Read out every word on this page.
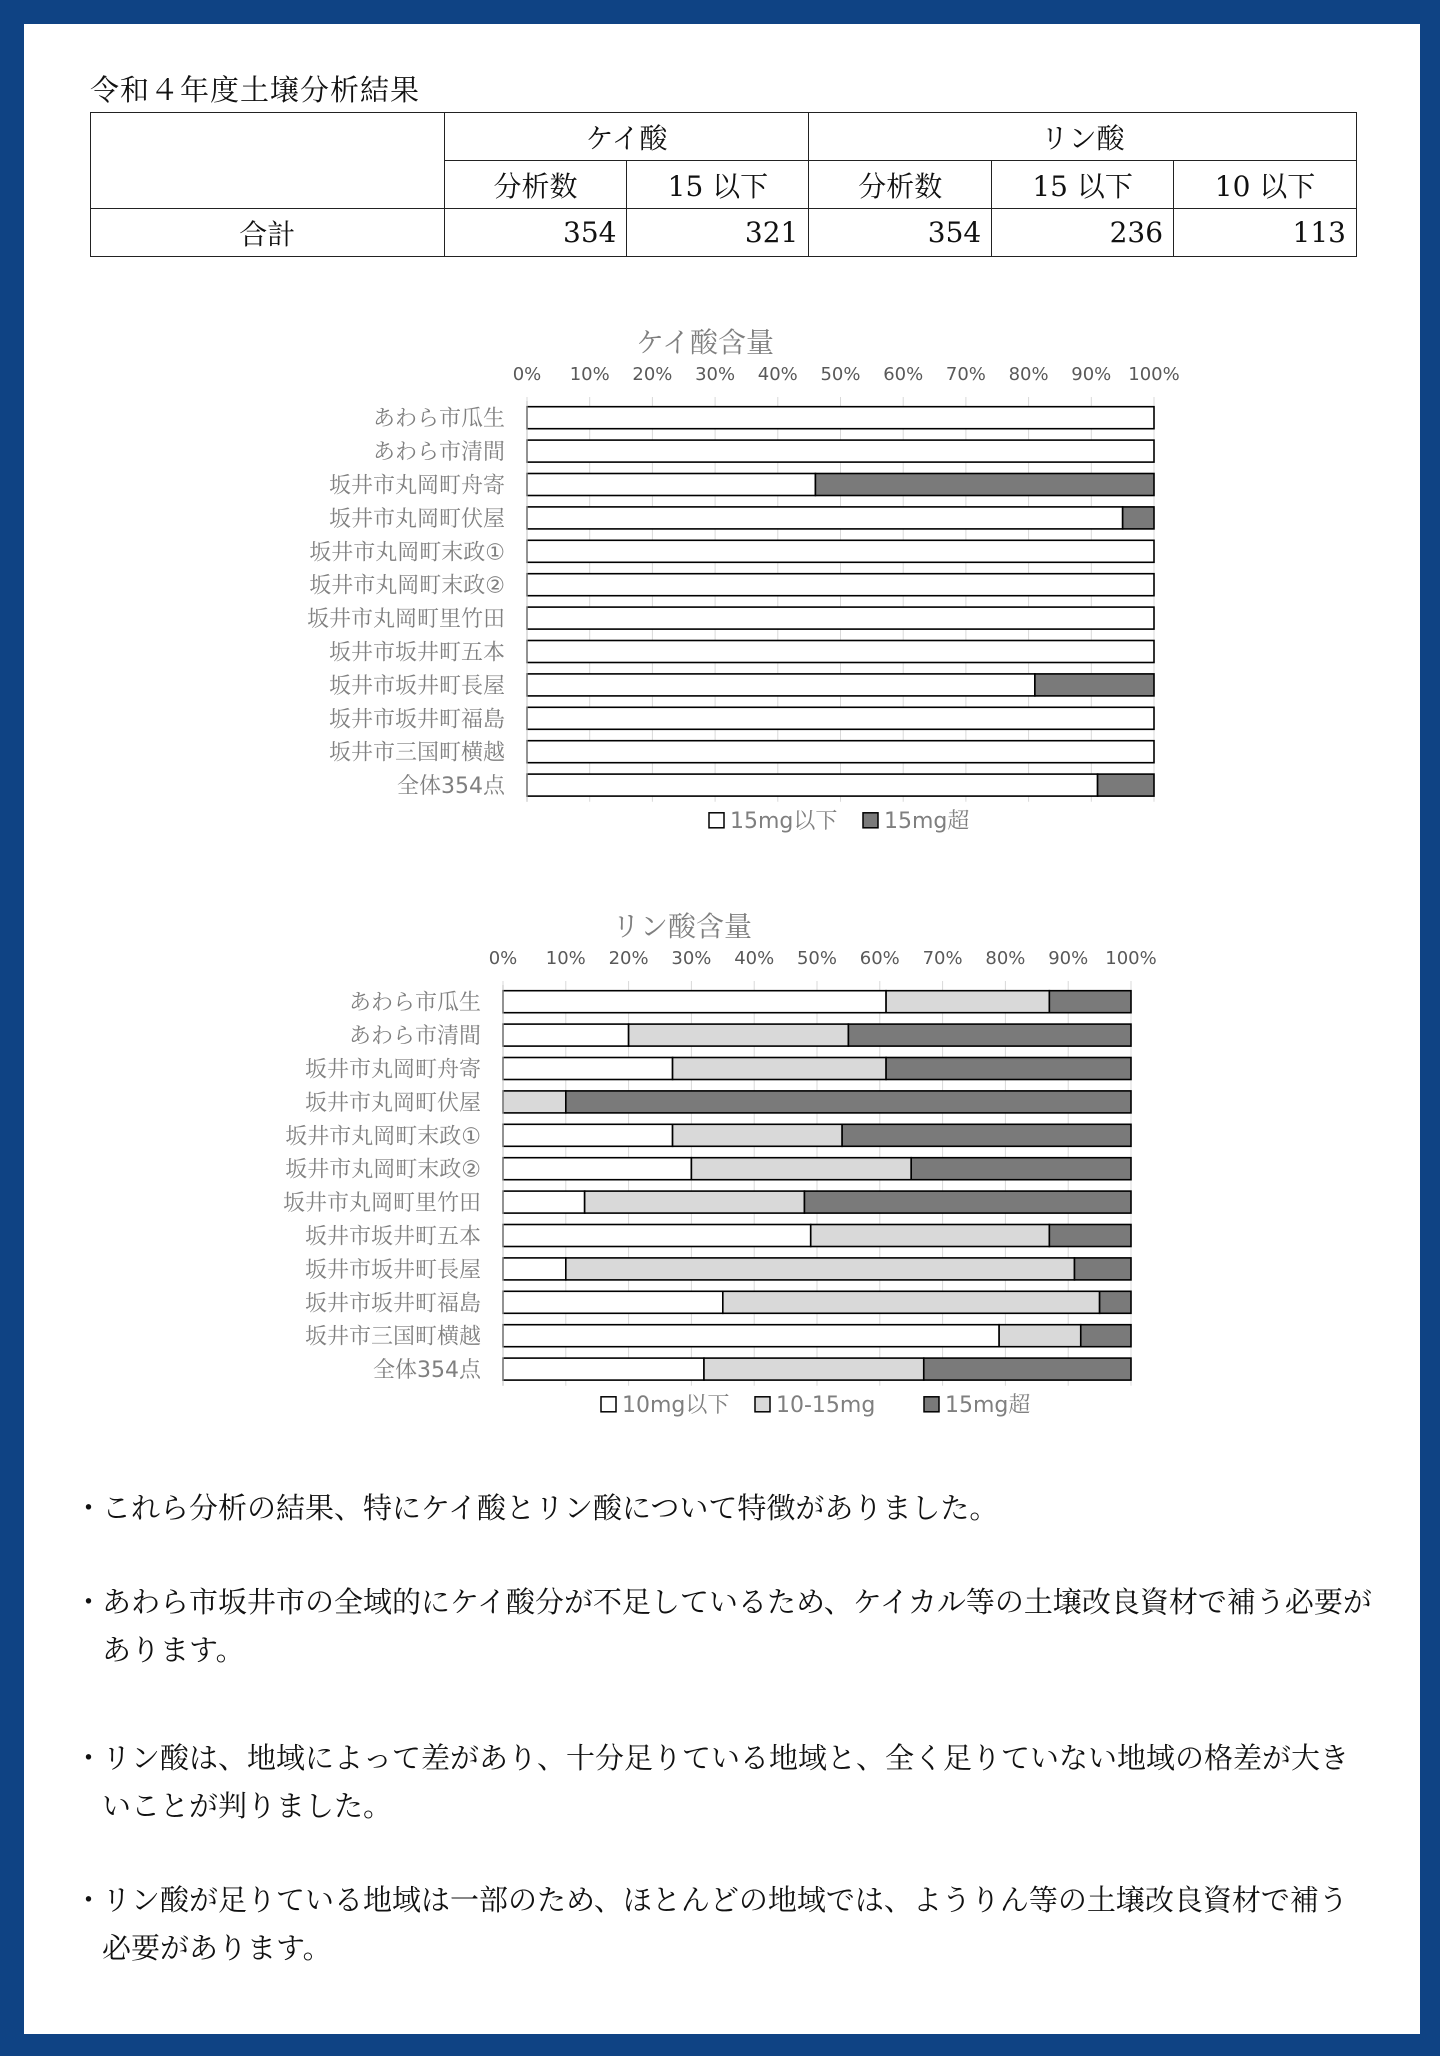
令和４年度土壌分析結果
	ケイ酸		リン酸		
	分析数	15 以下	分析数	15 以下	10 以下
合計	354	321	354	236	113
ケイ酸含量
0% 10% 20% 30% 40% 50% 60% 70% 80% 90% 100%
あわら市瓜生
あわら市清間
坂井市丸岡町舟寄
坂井市丸岡町伏屋
坂井市丸岡町末政①
坂井市丸岡町末政②
坂井市丸岡町里竹田
坂井市坂井町五本
坂井市坂井町長屋
坂井市坂井町福島
坂井市三国町横越
全体354点
15mg以下 15mg超
リン酸含量
0% 10% 20% 30% 40% 50% 60% 70% 80% 90% 100%
あわら市瓜生
あわら市清間
坂井市丸岡町舟寄
坂井市丸岡町伏屋
坂井市丸岡町末政①
坂井市丸岡町末政②
坂井市丸岡町里竹田
坂井市坂井町五本
坂井市坂井町長屋
坂井市坂井町福島
坂井市三国町横越
全体354点
10mg以下 10-15mg	15mg超
・
これら分析の結果、特にケイ酸とリン酸について特徴がありました。
・
あわら市坂井市の全域的にケイ酸分が不足しているため、ケイカル等の土壌改良資材で補う必要があります。
・
リン酸は、地域によって差があり、十分足りている地域と、全く足りていない地域の格差が大きいことが判りました。
・
リン酸が足りている地域は一部のため、ほとんどの地域では、ようりん等の土壌改良資材で補う必要があります。
